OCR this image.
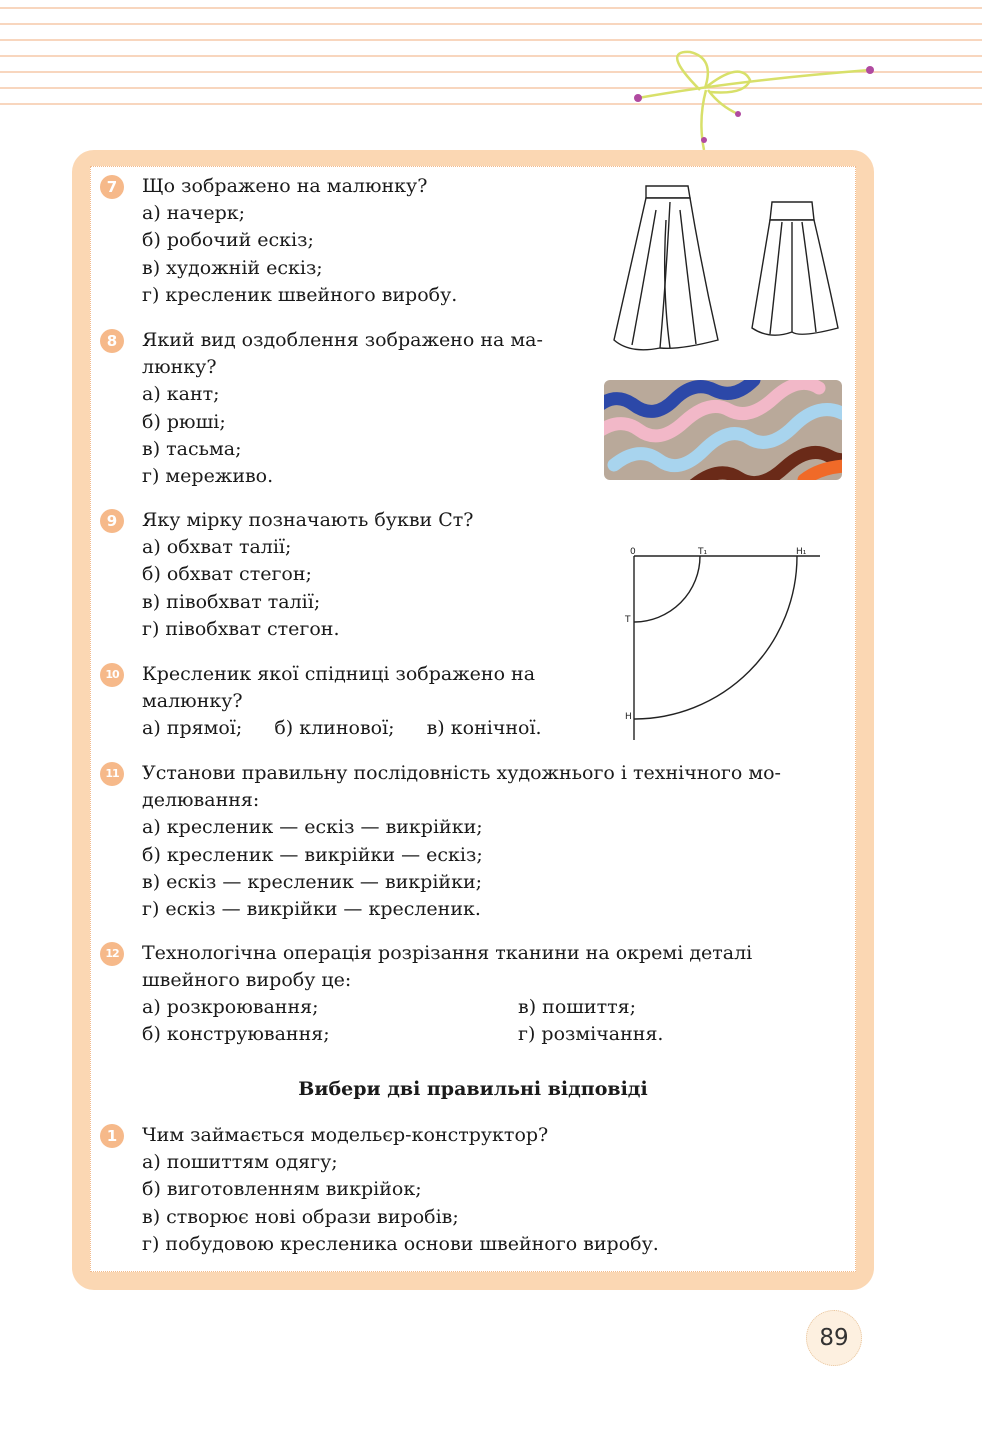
7	Що зображено на малюнку?
а) начерк;
б) робочий ескіз;
в) художній ескіз;
г) кресленик швейного виробу.
8	Який вид оздоблення зображено на ма-
люнку?
а) кант;
б) рюші;
в) тасьма;
г) мереживо.
9	Яку мірку позначають букви Ст?
а) обхват талії;
б) обхват стегон;
в) півобхват талії;
г) півобхват стегон.
0	Т₁	Н₁
Т
Н
10 Кресленик якої спідниці зображено на
малюнку?
а) прямої; б) клинової; в) конічної.
11 Установи правильну послідовність художнього і технічного мо-
делювання:
а) кресленик — ескіз — викрійки;
б) кресленик — викрійки — ескіз;
в) ескіз — кресленик — викрійки;
г) ескіз — викрійки — кресленик.
12 Технологічна операція розрізання тканини на окремі деталі
швейного виробу це:
а) розкроювання;
б) конструювання;
в) пошиття;
г) розмічання.
Вибери дві правильні відповіді
1	Чим займається модельєр-конструктор?
а) пошиттям одягу;
б) виготовленням викрійок;
в) створює нові образи виробів;
г) побудовою кресленика основи швейного виробу.
89
